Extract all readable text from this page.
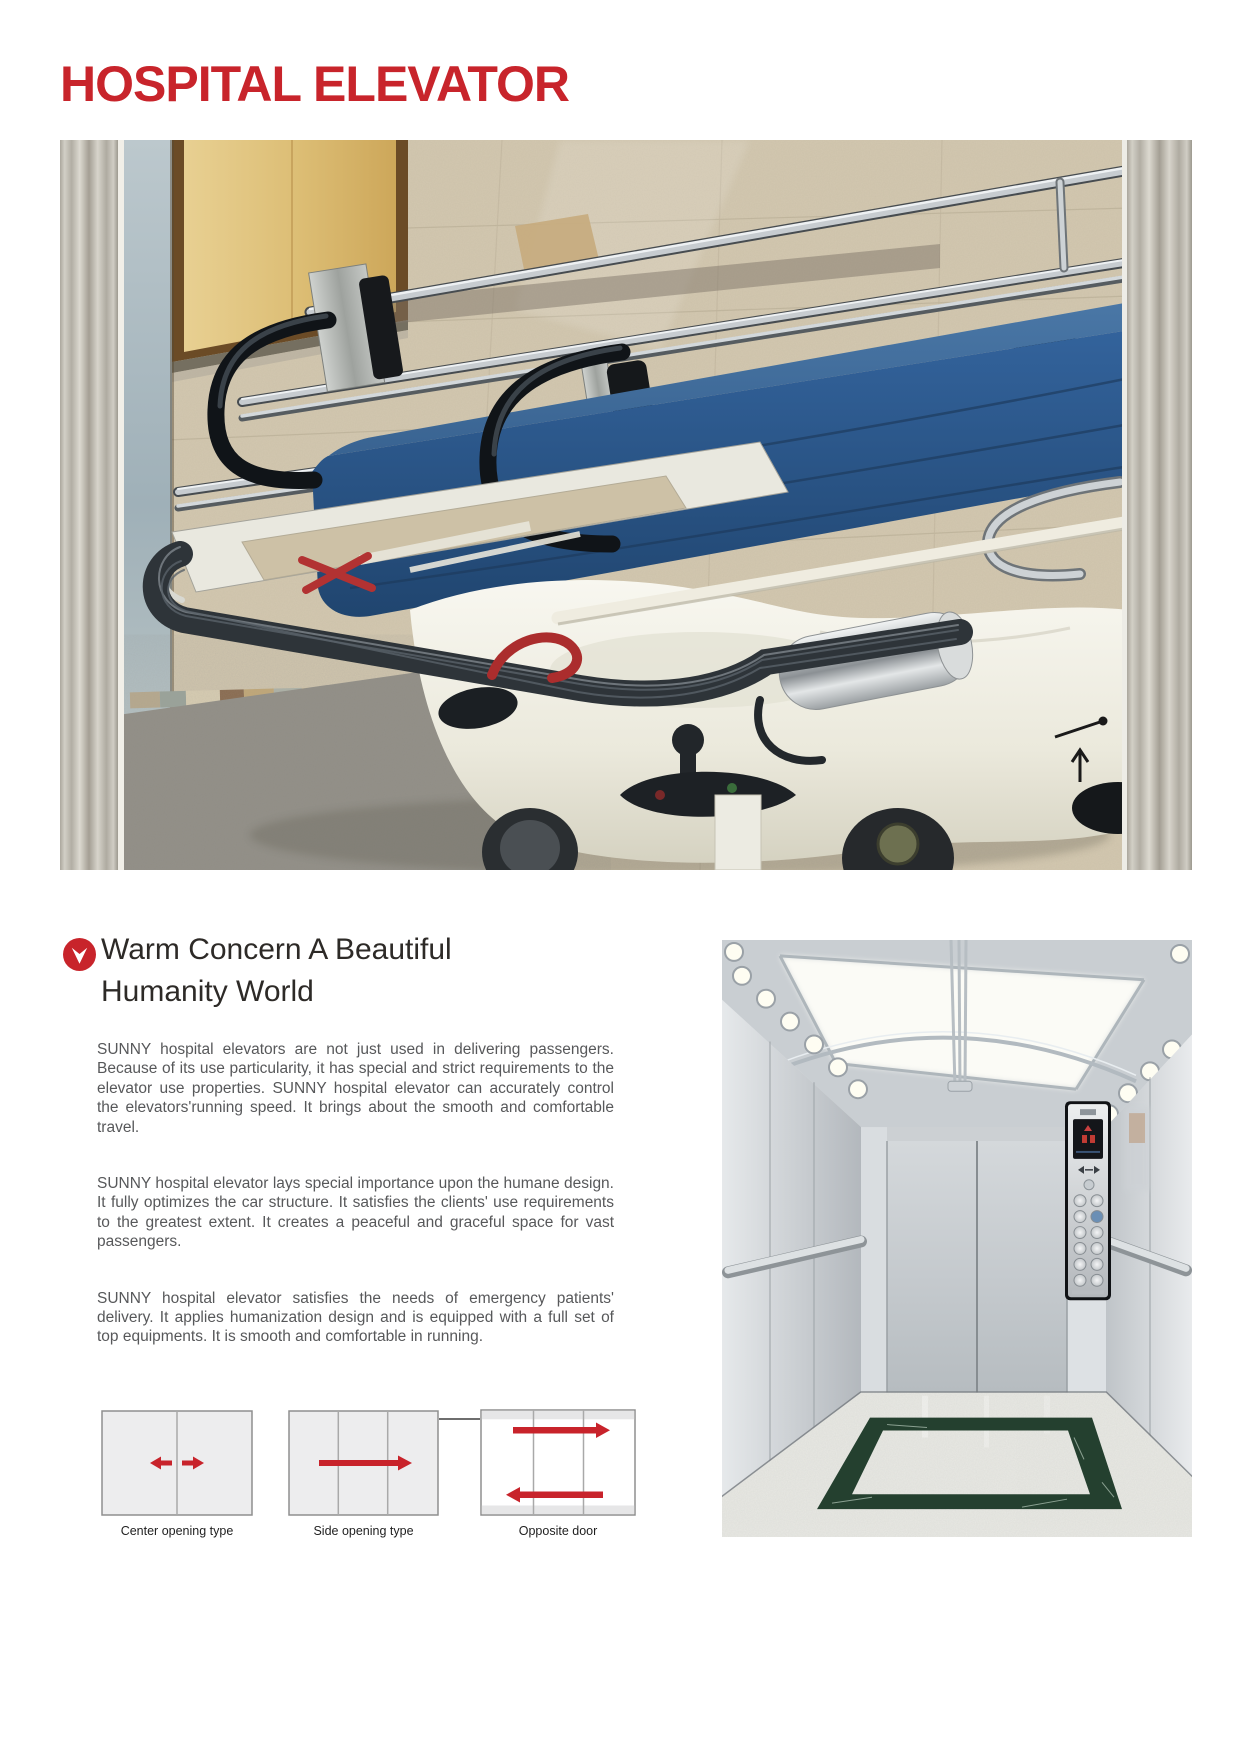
HOSPITAL ELEVATOR
Warm Concern A Beautiful
Humanity World

SUNNY hospital elevators are not just used in delivering passengers. Because of its use particularity, it has special and strict requirements to the elevator use properties. SUNNY hospital elevator can accurately control the elevators'running speed. It brings about the smooth and comfortable travel.

SUNNY hospital elevator lays special importance upon the humane design. It fully optimizes the car structure. It satisfies the clients' use requirements to the greatest extent. It creates a peaceful and graceful space for vast passengers.

SUNNY hospital elevator satisfies the needs of emergency patients' delivery. It applies humanization design and is equipped with a full set of top equipments. It is smooth and comfortable in running.

Center opening type	Side opening type	Opposite door
